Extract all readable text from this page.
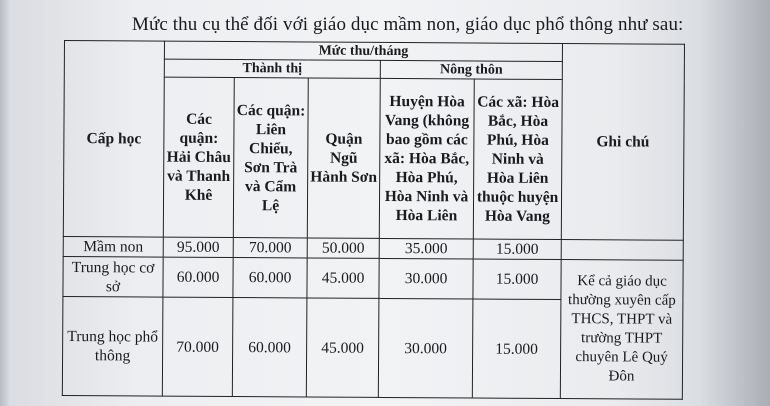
Mức thu cụ thể đối với giáo dục mầm non, giáo dục phổ thông như sau:
Cấp học	Mức thu/tháng					Ghi chú
	Thành thị			Nông thôn		
	Các quận: Hải Châu và Thanh Khê	Các quận: Liên Chiểu, Sơn Trà và Cẩm Lệ	Quận Ngũ Hành Sơn	Huyện Hòa Vang (không bao gồm các xã: Hòa Bắc, Hòa Phú, Hòa Ninh và Hòa Liên	Các xã: Hòa Bắc, Hòa Phú, Hòa Ninh và Hòa Liên thuộc huyện Hòa Vang	
Mầm non	95.000	70.000	50.000	35.000	15.000	
Trung học cơ sở	60.000	60.000	45.000	30.000	15.000	Kể cả giáo dục thường xuyên cấp THCS, THPT và trường THPT chuyên Lê Quý Đôn
Trung học phổ thông	70.000	60.000	45.000	30.000	15.000	
